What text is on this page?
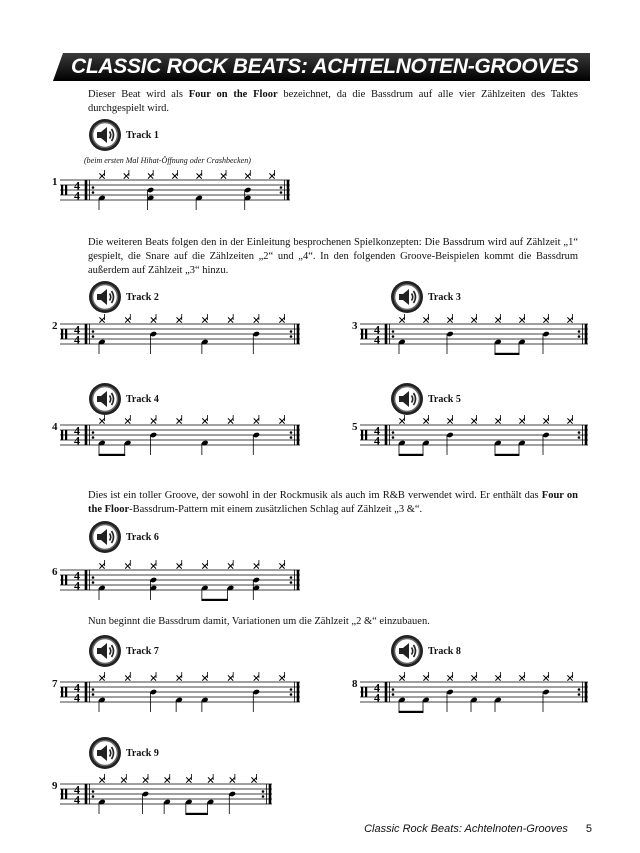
CLASSIC ROCK BEATS: ACHTELNOTEN-GROOVES
Dieser Beat wird als Four on the Floor bezeichnet, da die Bassdrum auf alle vier Zählzeiten des Taktes durchgespielt wird.
(beim ersten Mal Hihat-Öffnung oder Crashbecken)
Die weiteren Beats folgen den in der Einleitung besprochenen Spielkonzepten: Die Bassdrum wird auf Zählzeit „1“ gespielt, die Snare auf die Zählzeiten „2“ und „4“. In den folgenden Groove-Beispielen kommt die Bassdrum außerdem auf Zählzeit „3“ hinzu.
Dies ist ein toller Groove, der sowohl in der Rockmusik als auch im R&B verwendet wird. Er enthält das Four on the Floor-Bassdrum-Pattern mit einem zusätzlichen Schlag auf Zählzeit „3 &“.
Nun beginnt die Bassdrum damit, Variationen um die Zählzeit „2 &“ einzubauen.
Track 1
Track 2	Track 3
Track 4	Track 5
Track 6
Track 7	Track 8
Track 9
1 4
4
2 4
4
3 4
4
4 4
4
5 4
4
6 4
4
7 4
4
8 4
4
9 4
4
Classic Rock Beats: Achtelnoten-Grooves 5
